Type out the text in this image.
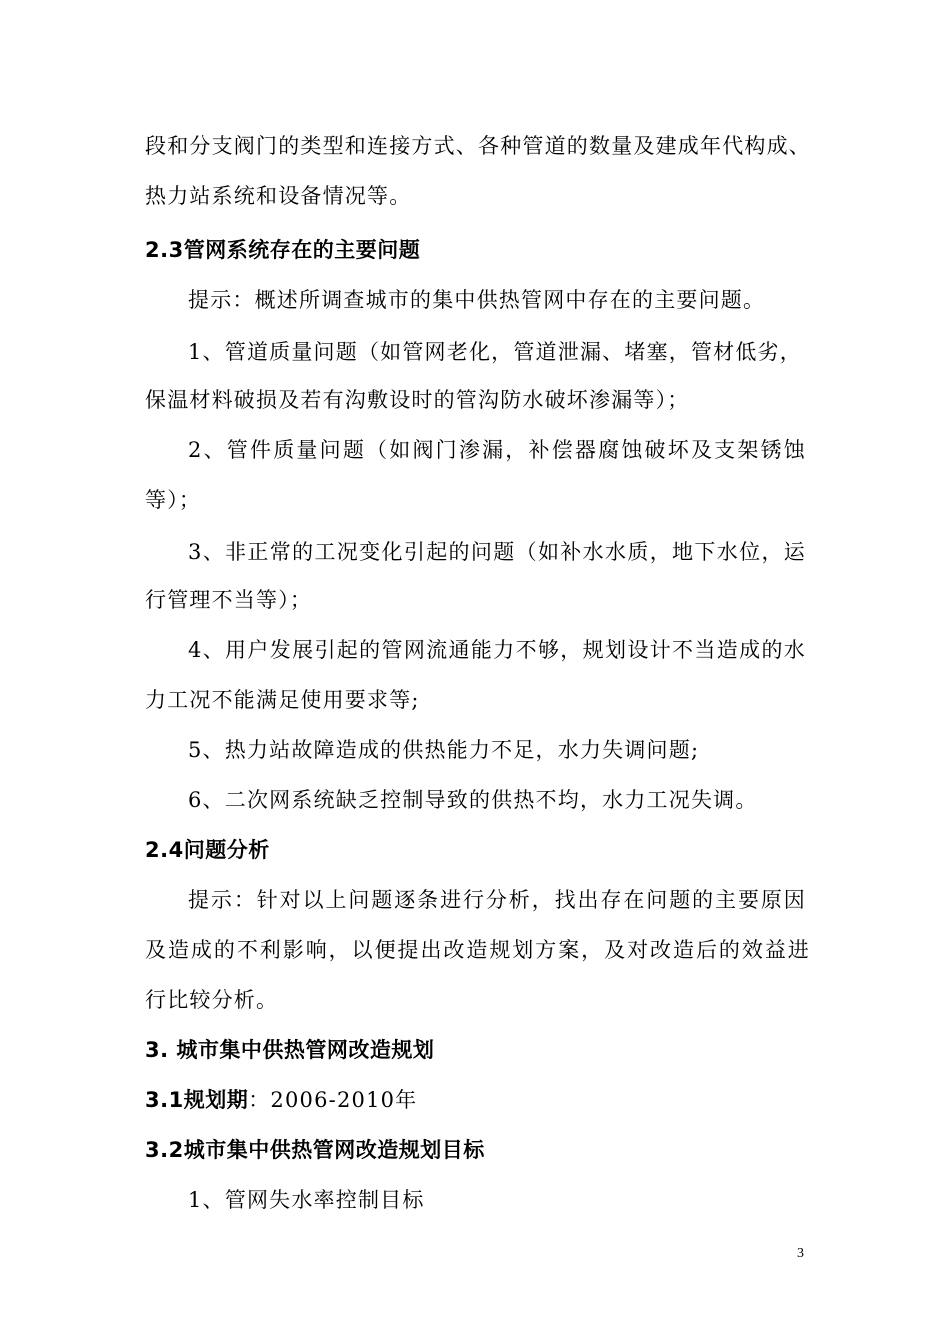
段和分支阀门的类型和连接方式、各种管道的数量及建成年代构成、
热力站系统和设备情况等。
2.3管网系统存在的主要问题
提示：概述所调查城市的集中供热管网中存在的主要问题。
1、管道质量问题（如管网老化，管道泄漏、堵塞，管材低劣，
保温材料破损及若有沟敷设时的管沟防水破坏渗漏等）；
2、管件质量问题（如阀门渗漏，补偿器腐蚀破坏及支架锈蚀
等）；
3、非正常的工况变化引起的问题（如补水水质，地下水位，运
行管理不当等）；
4、用户发展引起的管网流通能力不够，规划设计不当造成的水
力工况不能满足使用要求等;
5、热力站故障造成的供热能力不足，水力失调问题;
6、二次网系统缺乏控制导致的供热不均，水力工况失调。
2.4问题分析
提示：针对以上问题逐条进行分析，找出存在问题的主要原因
及造成的不利影响，以便提出改造规划方案，及对改造后的效益进
行比较分析。
3. 城市集中供热管网改造规划
3.1规划期：2006-2010年
3.2城市集中供热管网改造规划目标
1、管网失水率控制目标
3
